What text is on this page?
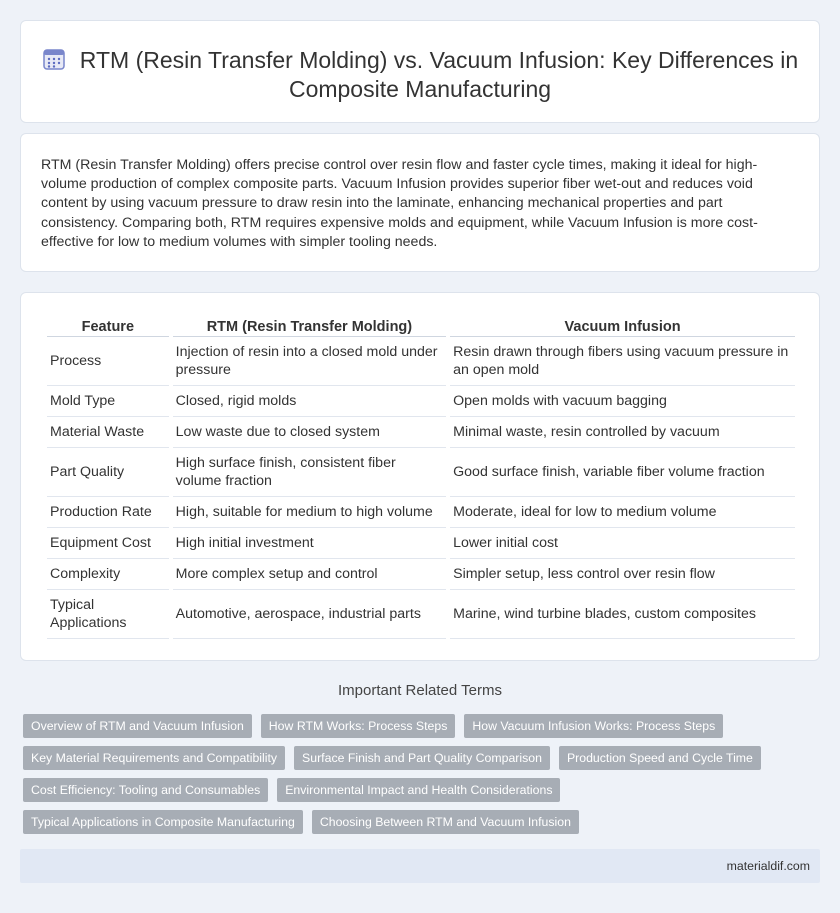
RTM (Resin Transfer Molding) vs. Vacuum Infusion: Key Differences in Composite Manufacturing

RTM (Resin Transfer Molding) offers precise control over resin flow and faster cycle times, making it ideal for high-volume production of complex composite parts. Vacuum Infusion provides superior fiber wet-out and reduces void content by using vacuum pressure to draw resin into the laminate, enhancing mechanical properties and part consistency. Comparing both, RTM requires expensive molds and equipment, while Vacuum Infusion is more cost-effective for low to medium volumes with simpler tooling needs.

Feature	RTM (Resin Transfer Molding)	Vacuum Infusion
Process	Injection of resin into a closed mold under pressure	Resin drawn through fibers using vacuum pressure in an open mold
Mold Type	Closed, rigid molds	Open molds with vacuum bagging
Material Waste	Low waste due to closed system	Minimal waste, resin controlled by vacuum
Part Quality	High surface finish, consistent fiber volume fraction	Good surface finish, variable fiber volume fraction
Production Rate	High, suitable for medium to high volume	Moderate, ideal for low to medium volume
Equipment Cost	High initial investment	Lower initial cost
Complexity	More complex setup and control	Simpler setup, less control over resin flow
Typical Applications	Automotive, aerospace, industrial parts	Marine, wind turbine blades, custom composites
Important Related Terms
Overview of RTM and Vacuum Infusion	How RTM Works: Process Steps	How Vacuum Infusion Works: Process Steps
Key Material Requirements and Compatibility	Surface Finish and Part Quality Comparison	Production Speed and Cycle Time
Cost Efficiency: Tooling and Consumables	Environmental Impact and Health Considerations
Typical Applications in Composite Manufacturing	Choosing Between RTM and Vacuum Infusion
materialdif.com
